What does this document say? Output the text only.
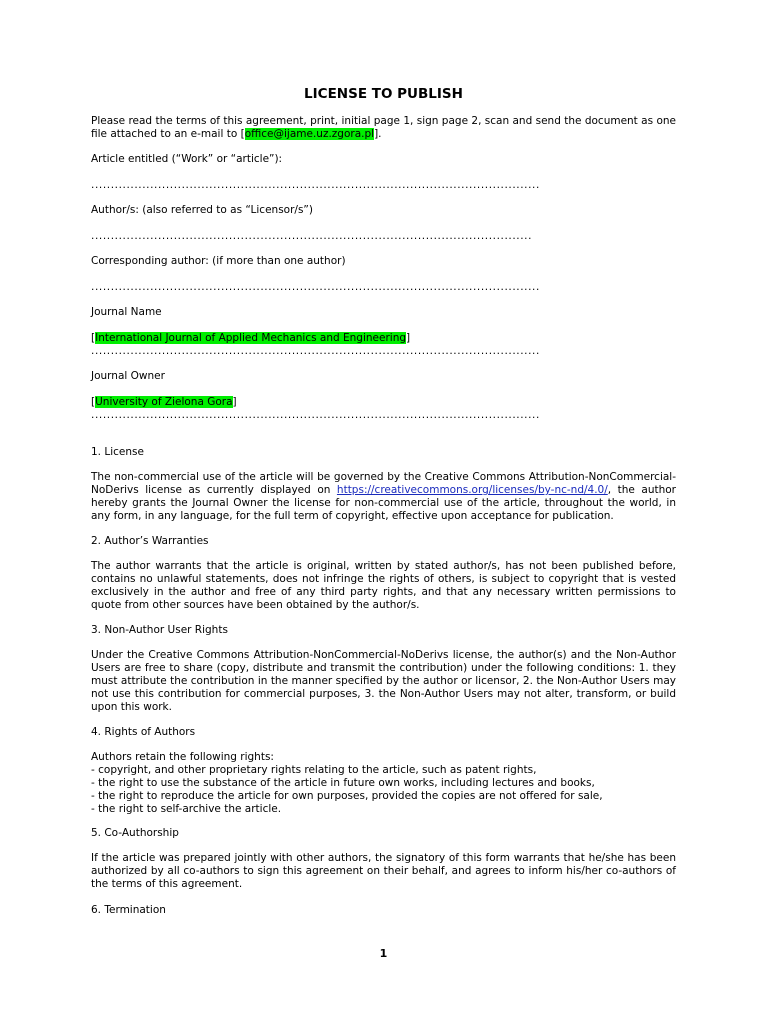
LICENSE TO PUBLISH
Please read the terms of this agreement, print, initial page 1, sign page 2, scan and send the document as one file attached to an e-mail to [office@ijame.uz.zgora.pl].
Article entitled (“Work” or “article”):
..................................................................................................................
Author/s: (also referred to as “Licensor/s”)
................................................................................................................
Corresponding author: (if more than one author)
..................................................................................................................
Journal Name
[International Journal of Applied Mechanics and Engineering]
..................................................................................................................
Journal Owner
[University of Zielona Gora]
..................................................................................................................
1. License
The non-commercial use of the article will be governed by the Creative Commons Attribution-NonCommercial-NoDerivs license as currently displayed on https://creativecommons.org/licenses/by-nc-nd/4.0/, the author hereby grants the Journal Owner the license for non-commercial use of the article, throughout the world, in any form, in any language, for the full term of copyright, effective upon acceptance for publication.
2. Author’s Warranties
The author warrants that the article is original, written by stated author/s, has not been published before, contains no unlawful statements, does not infringe the rights of others, is subject to copyright that is vested exclusively in the author and free of any third party rights, and that any necessary written permissions to quote from other sources have been obtained by the author/s.
3. Non-Author User Rights
Under the Creative Commons Attribution-NonCommercial-NoDerivs license, the author(s) and the Non-Author Users are free to share (copy, distribute and transmit the contribution) under the following conditions: 1. they must attribute the contribution in the manner specified by the author or licensor, 2. the Non-Author Users may not use this contribution for commercial purposes, 3. the Non-Author Users may not alter, transform, or build upon this work.
4. Rights of Authors
Authors retain the following rights:
- copyright, and other proprietary rights relating to the article, such as patent rights,
- the right to use the substance of the article in future own works, including lectures and books,
- the right to reproduce the article for own purposes, provided the copies are not offered for sale,
- the right to self-archive the article.
5. Co-Authorship
If the article was prepared jointly with other authors, the signatory of this form warrants that he/she has been authorized by all co-authors to sign this agreement on their behalf, and agrees to inform his/her co-authors of the terms of this agreement.
6. Termination
1
